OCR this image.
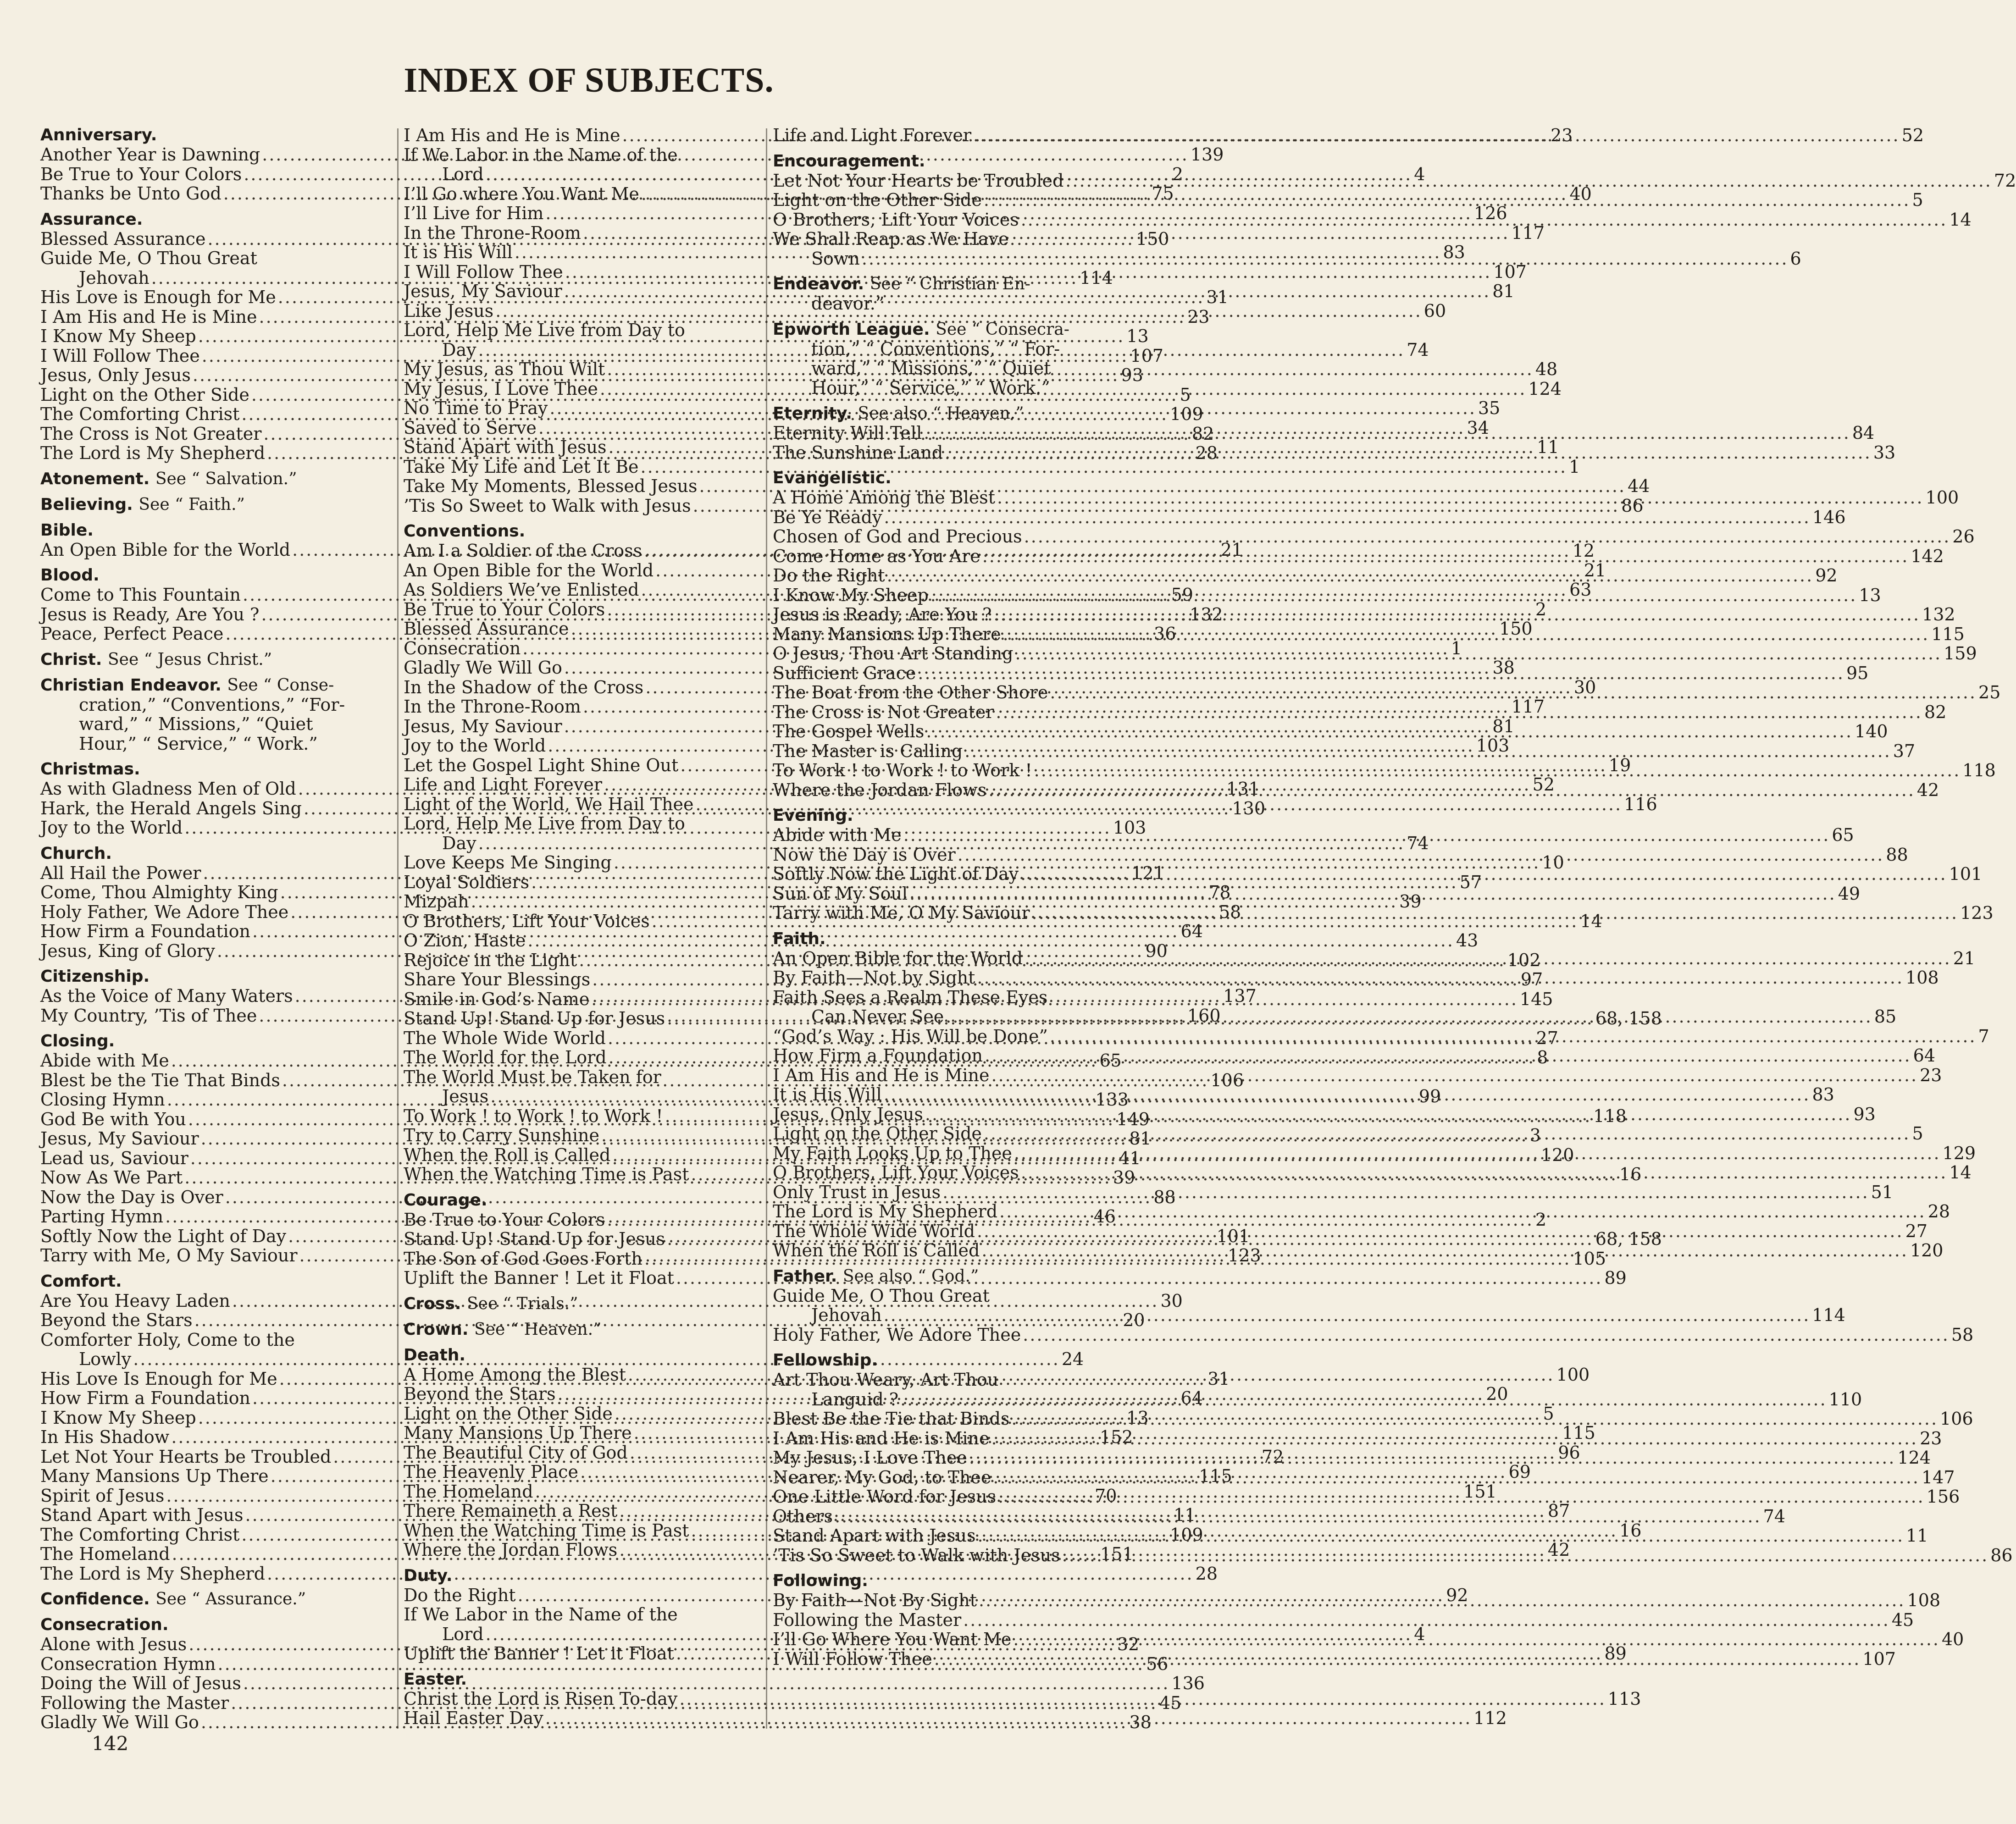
INDEX OF SUBJECTS.
Anniversary.
Another Year is Dawning .....	139
Be True to Your Colors .....	2
Thanks be Unto God .....	75
Assurance.
Blessed Assurance .....	150
Guide Me, O Thou Great
Jehovah .....	114
His Love is Enough for Me .....	31
I Am His and He is Mine .....	23
I Know My Sheep .....	13
I Will Follow Thee .....	107
Jesus, Only Jesus .....	93
Light on the Other Side .....	5
The Comforting Christ .....	109
The Cross is Not Greater .....	82
The Lord is My Shepherd .....	28
Atonement. See “ Salvation.”
Believing. See “ Faith.”
Bible.
An Open Bible for the World .....	21
Blood.
Come to This Fountain .....	59
Jesus is Ready, Are You ? .....	132
Peace, Perfect Peace .....	36
Christ. See “ Jesus Christ.”
Christian Endeavor. See “ Conse-
cration,” “Conventions,” “For-
ward,” “ Missions,” “Quiet
Hour,” “ Service,” “ Work.”
Christmas.
As with Gladness Men of Old .....	131
Hark, the Herald Angels Sing .....	130
Joy to the World .....	103
Church.
All Hail the Power .....	121
Come, Thou Almighty King .....	78
Holy Father, We Adore Thee .....	58
How Firm a Foundation .....	64
Jesus, King of Glory .....	90
Citizenship.
As the Voice of Many Waters .....	137
My Country, ’Tis of Thee .....	160
Closing.
Abide with Me .....	65
Blest be the Tie That Binds .....	106
Closing Hymn .....	133
God Be with You .....	149
Jesus, My Saviour .....	81
Lead us, Saviour .....	41
Now As We Part .....	39
Now the Day is Over .....	88
Parting Hymn .....	46
Softly Now the Light of Day .....	101
Tarry with Me, O My Saviour .....	123
Comfort.
Are You Heavy Laden .....	30
Beyond the Stars .....	20
Comforter Holy, Come to the
Lowly .....	24
His Love Is Enough for Me .....	31
How Firm a Foundation .....	64
I Know My Sheep .....	13
In His Shadow .....	152
Let Not Your Hearts be Troubled .....	72
Many Mansions Up There .....	115
Spirit of Jesus .....	70
Stand Apart with Jesus .....	11
The Comforting Christ .....	109
The Homeland .....	151
The Lord is My Shepherd .....	28
Confidence. See “ Assurance.”
Consecration.
Alone with Jesus .....	32
Consecration Hymn .....	56
Doing the Will of Jesus .....	136
Following the Master .....	45
Gladly We Will Go .....	38
I Am His and He is Mine .....	23
If We Labor in the Name of the
Lord .....	4
I’ll Go where You Want Me .....	40
I’ll Live for Him .....	126
In the Throne-Room .....	117
It is His Will .....	83
I Will Follow Thee .....	107
Jesus, My Saviour .....	81
Like Jesus .....	60
Lord, Help Me Live from Day to
Day .....	74
My Jesus, as Thou Wilt .....	48
My Jesus, I Love Thee .....	124
No Time to Pray .....	35
Saved to Serve .....	34
Stand Apart with Jesus .....	11
Take My Life and Let It Be .....	1
Take My Moments, Blessed Jesus .....	44
’Tis So Sweet to Walk with Jesus .....	86
Conventions.
Am I a Soldier of the Cross .....	12
An Open Bible for the World .....	21
As Soldiers We’ve Enlisted .....	63
Be True to Your Colors .....	2
Blessed Assurance .....	150
Consecration .....	1
Gladly We Will Go .....	38
In the Shadow of the Cross .....	30
In the Throne-Room .....	117
Jesus, My Saviour .....	81
Joy to the World .....	103
Let the Gospel Light Shine Out .....	19
Life and Light Forever .....	52
Light of the World, We Hail Thee .....	116
Lord, Help Me Live from Day to
Day .....	74
Love Keeps Me Singing .....	10
Loyal Soldiers .....	57
Mizpah .....	39
O Brothers, Lift Your Voices .....	14
O Zion, Haste .....	43
Rejoice in the Light .....	102
Share Your Blessings .....	97
Smile in God’s Name .....	145
Stand Up! Stand Up for Jesus .....	68, 158
The Whole Wide World .....	27
The World for the Lord .....	8
The World Must be Taken for
Jesus .....	99
To Work ! to Work ! to Work ! .....	118
Try to Carry Sunshine .....	3
When the Roll is Called .....	120
When the Watching Time is Past .....	16
Courage.
Be True to Your Colors .....	2
Stand Up! Stand Up for Jesus .....	68, 158
The Son of God Goes Forth .....	105
Uplift the Banner ! Let it Float .....	89
Cross. See “ Trials.”
Crown. See “ Heaven.”
Death.
A Home Among the Blest .....	100
Beyond the Stars .....	20
Light on the Other Side .....	5
Many Mansions Up There .....	115
The Beautiful City of God .....	96
The Heavenly Place .....	69
The Homeland .....	151
There Remaineth a Rest .....	87
When the Watching Time is Past .....	16
Where the Jordan Flows .....	42
Duty.
Do the Right .....	92
If We Labor in the Name of the
Lord .....	4
Uplift the Banner ! Let it Float .....	89
Easter.
Christ the Lord is Risen To-day .....	113
Hail Easter Day .....	112
Life and Light Forever .....	52
Encouragement.
Let Not Your Hearts be Troubled .....	72
Light on the Other Side .....	5
O Brothers, Lift Your Voices .....	14
We Shall Reap as We Have
Sown .....	6
Endeavor. See “ Christian En-
deavor.”
Epworth League. See “ Consecra-
tion,” “ Conventions,” “ For-
ward,” “ Missions,” “ Quiet
Hour,” “ Service,” “ Work.”
Eternity. See also “ Heaven.”
Eternity Will Tell .....	84
The Sunshine Land .....	33
Evangelistic.
A Home Among the Blest .....	100
Be Ye Ready .....	146
Chosen of God and Precious .....	26
Come Home as You Are .....	142
Do the Right .....	92
I Know My Sheep .....	13
Jesus is Ready, Are You ? .....	132
Many Mansions Up There .....	115
O Jesus, Thou Art Standing .....	159
Sufficient Grace .....	95
The Boat from the Other Shore .....	25
The Cross is Not Greater .....	82
The Gospel Wells .....	140
The Master is Calling .....	37
To Work ! to Work ! to Work ! .....	118
Where the Jordan Flows .....	42
Evening.
Abide with Me .....	65
Now the Day is Over .....	88
Softly Now the Light of Day .....	101
Sun of My Soul .....	49
Tarry with Me, O My Saviour .....	123
Faith.
An Open Bible for the World .....	21
By Faith—Not by Sight .....	108
Faith Sees a Realm These Eyes
Can Never See .....	85
“God’s Way : His Will be Done” .....	7
How Firm a Foundation .....	64
I Am His and He is Mine .....	23
It is His Will .....	83
Jesus, Only Jesus .....	93
Light on the Other Side .....	5
My Faith Looks Up to Thee .....	129
O Brothers, Lift Your Voices .....	14
Only Trust in Jesus .....	51
The Lord is My Shepherd .....	28
The Whole Wide World .....	27
When the Roll is Called .....	120
Father. See also “ God.”
Guide Me, O Thou Great
Jehovah .....	114
Holy Father, We Adore Thee .....	58
Fellowship.
Art Thou Weary, Art Thou
Languid ? .....	110
Blest Be the Tie that Binds .....	106
I Am His and He is Mine .....	23
My Jesus, I Love Thee .....	124
Nearer, My God, to Thee .....	147
One Little Word for Jesus .....	156
Others .....	74
Stand Apart with Jesus .....	11
’Tis So Sweet to Walk with Jesus .....	86
Following.
By Faith—Not By Sight .....	108
Following the Master .....	45
I’ll Go Where You Want Me .....	40
I Will Follow Thee .....	107
142
